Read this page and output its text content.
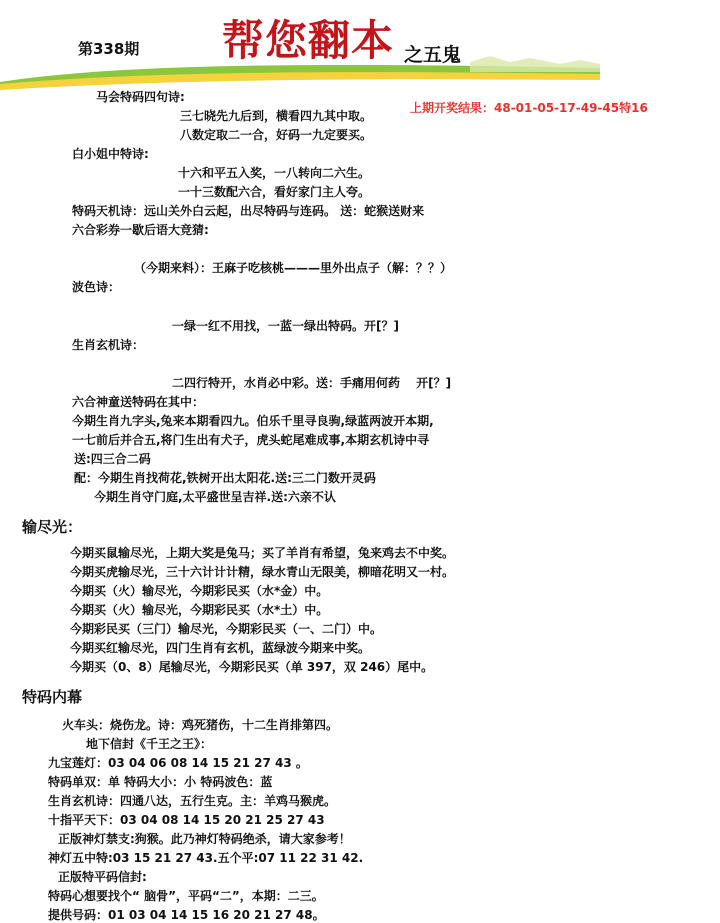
第338期 帮您翻本 之五鬼
上期开奖结果：48-01-05-17-49-45特16
马会特码四句诗:
三七晓先九后到，横看四九其中取。
八数定取二一合，好码一九定要买。
白小姐中特诗:
十六和平五入奖，一八转向二六生。
一十三数配六合，看好家门主人夸。
特码天机诗：远山关外白云起，出尽特码与连码。 送：蛇猴送财来
六合彩券一歇后语大竞猜:
（今期来料）：王麻子吃核桃———里外出点子（解：？？）
波色诗：
一绿一红不用找，一蓝一绿出特码。开[？]
生肖玄机诗：
二四行特开，水肖必中彩。送：手痛用何药　 开[？]
六合神童送特码在其中：
今期生肖九字头,兔来本期看四九。伯乐千里寻良驹,绿蓝两波开本期,
一七前后并合五,将门生出有犬子，虎头蛇尾难成事,本期玄机诗中寻
送:四三合二码
配：今期生肖找荷花,铁树开出太阳花.送:三二门数开灵码
今期生肖守门庭,太平盛世呈吉祥.送:六亲不认
输尽光：
今期买鼠输尽光，上期大奖是兔马；买了羊肖有希望，兔来鸡去不中奖。
今期买虎输尽光，三十六计计计精，绿水青山无限美，柳暗花明又一村。
今期买（火）输尽光，今期彩民买（水*金）中。
今期买（火）输尽光，今期彩民买（水*土）中。
今期彩民买（三门）输尽光，今期彩民买（一、二门）中。
今期买红输尽光，四门生肖有玄机，蓝绿波今期来中奖。
今期买（0、8）尾输尽光，今期彩民买（单 397，双 246）尾中。
特码内幕
火车头：烧伤龙。诗：鸡死猪伤，十二生肖排第四。
地下信封《千王之王》：
九宝莲灯：03 04 06 08 14 15 21 27 43 。
特码单双：单 特码大小：小 特码波色：蓝
生肖玄机诗：四通八达，五行生克。主：羊鸡马猴虎。
十指平天下：03 04 08 14 15 20 21 25 27 43
正版神灯禁支:狗猴。此乃神灯特码绝杀，请大家参考！
神灯五中特:03 15 21 27 43.五个平:07 11 22 31 42.
正版特平码信封:
特码心想要找个“ 脑骨”，平码“二”，本期：二三。
提供号码：01 03 04 14 15 16 20 21 27 48。
